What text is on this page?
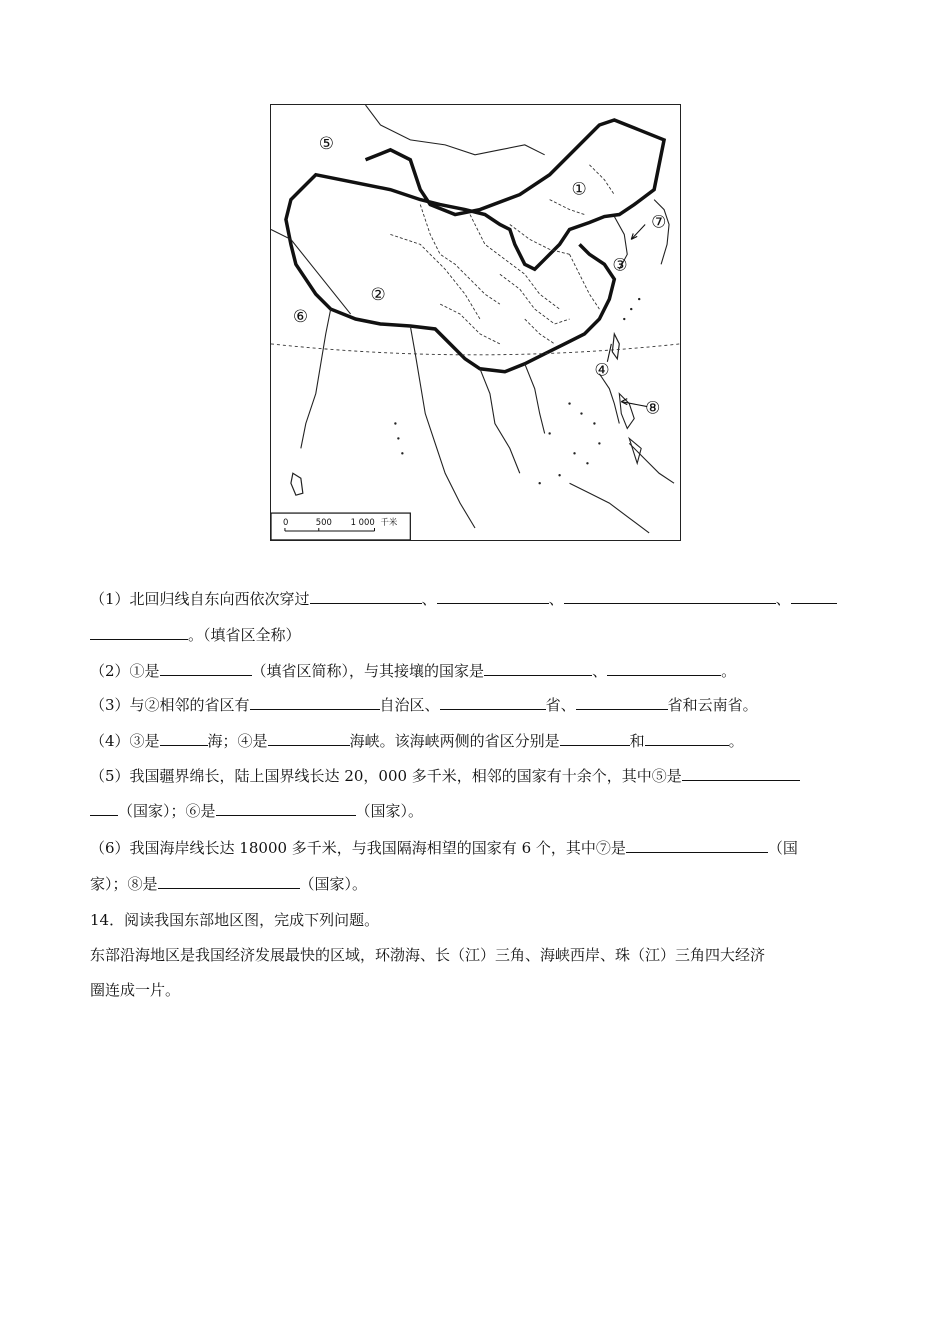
⑤
①
⑦
③
②
⑥
④
⑧
0	500 1 000 千米
（1）北回归线自东向西依次穿过	、	、	、
。（填省区全称）
（2）①是	（填省区简称），与其接壤的国家是	、	。
（3）与②相邻的省区有	自治区、	省、	省和云南省。
（4）③是	海；④是	海峡。该海峡两侧的省区分别是	和	。
（5）我国疆界绵长，陆上国界线长达 20，000 多千米，相邻的国家有十余个，其中⑤是
（国家）；⑥是	（国家）。
（6）我国海岸线长达 18000 多千米，与我国隔海相望的国家有 6 个，其中⑦是	（国
家）；⑧是	（国家）。
14．阅读我国东部地区图，完成下列问题。
东部沿海地区是我国经济发展最快的区域，环渤海、长（江）三角、海峡西岸、珠（江）三角四大经济
圈连成一片。
